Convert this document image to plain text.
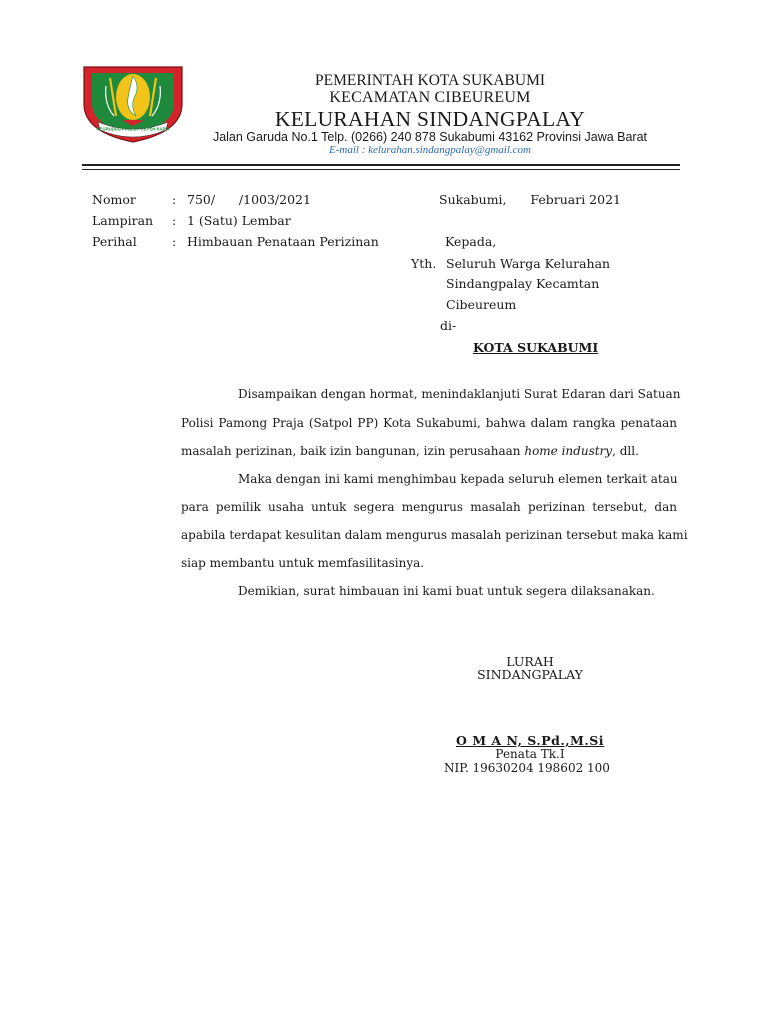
REGRUDUG PAGEUH REPEH RAPIH
PEMERINTAH KOTA SUKABUMI
KECAMATAN CIBEUREUM
KELURAHAN SINDANGPALAY
Jalan Garuda No.1 Telp. (0266) 240 878 Sukabumi 43162 Provinsi Jawa Barat
E-mail : kelurahan.sindangpalay@gmail.com
Nomor	: 750/      /1003/2021	Sukabumi,      Februari 2021
Lampiran : 1 (Satu) Lembar
Perihal	: Himbauan Penataan Perizinan	Kepada,
Yth. Seluruh Warga Kelurahan
Sindangpalay Kecamtan
Cibeureum
di-
KOTA SUKABUMI
Disampaikan dengan hormat, menindaklanjuti Surat Edaran dari Satuan
Polisi Pamong Praja (Satpol PP) Kota Sukabumi, bahwa dalam rangka penataan
masalah perizinan, baik izin bangunan, izin perusahaan home industry, dll.
Maka dengan ini kami menghimbau kepada seluruh elemen terkait atau
para pemilik usaha untuk segera mengurus masalah perizinan tersebut, dan
apabila terdapat kesulitan dalam mengurus masalah perizinan tersebut maka kami
siap membantu untuk memfasilitasinya.
Demikian, surat himbauan ini kami buat untuk segera dilaksanakan.
LURAH
SINDANGPALAY
O M A N, S.Pd.,M.Si
Penata Tk.I
NIP. 19630204 198602 100
